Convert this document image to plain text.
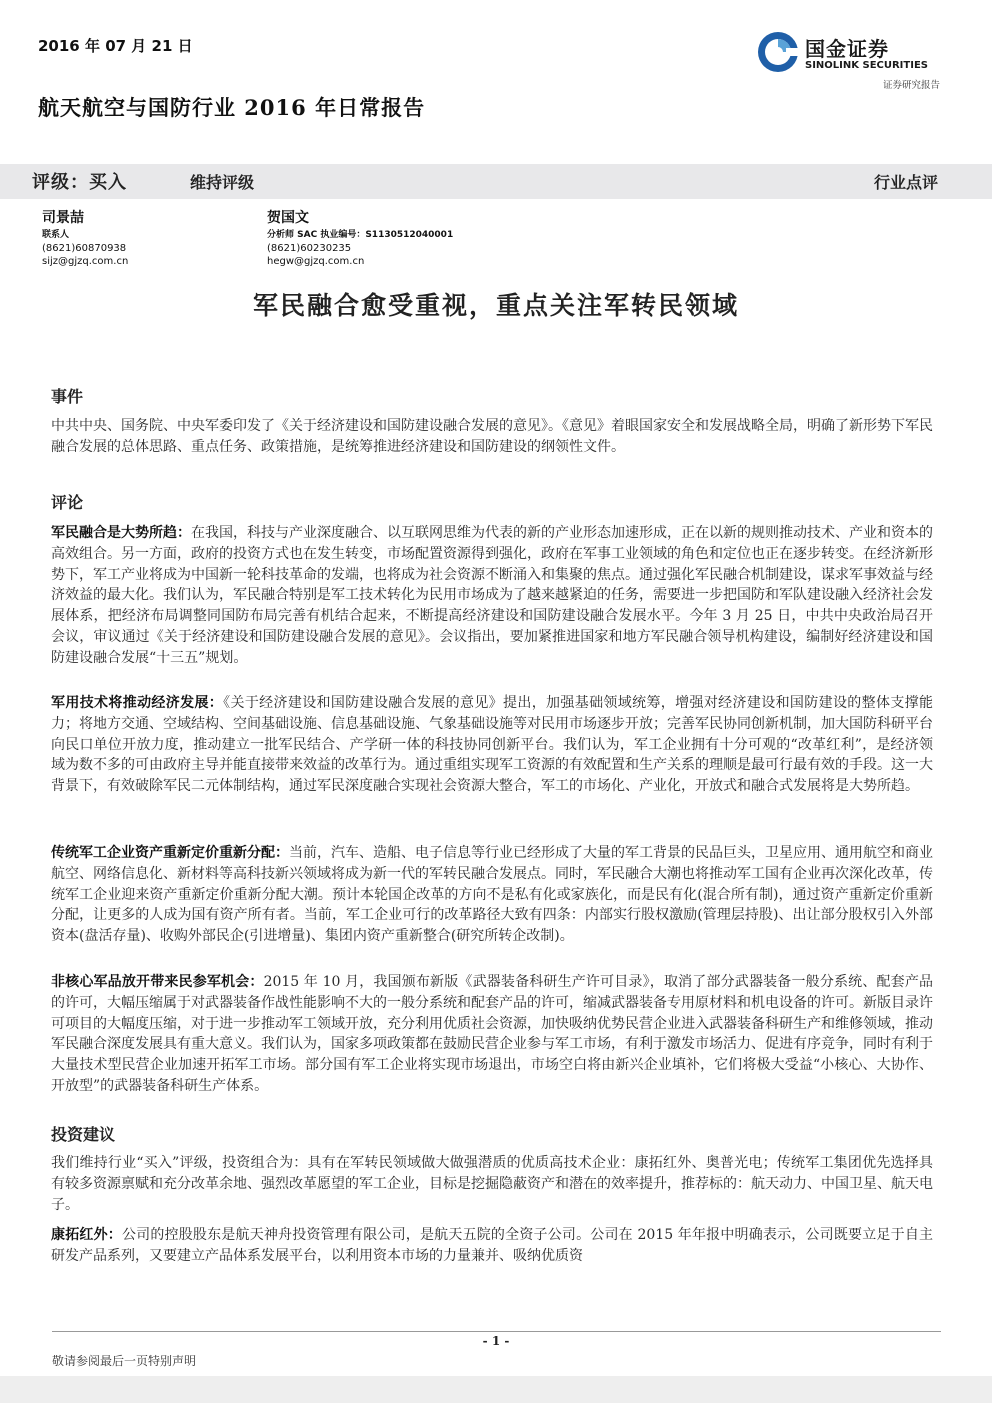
2016 年 07 月 21 日	国金证券
SINOLINK SECURITIES
证券研究报告
航天航空与国防行业 2016 年日常报告
评级：买入	维持评级	行业点评
司景喆
联系人
(8621)60870938
sijz@gjzq.com.cn
贺国文
分析师 SAC 执业编号：S1130512040001
(8621)60230235
hegw@gjzq.com.cn
军民融合愈受重视，重点关注军转民领域
事件
中共中央、国务院、中央军委印发了《关于经济建设和国防建设融合发展的意见》。《意见》着眼国家安全和发展战略全局，明确了新形势下军民融合发展的总体思路、重点任务、政策措施，是统筹推进经济建设和国防建设的纲领性文件。
评论
军民融合是大势所趋：在我国，科技与产业深度融合、以互联网思维为代表的新的产业形态加速形成，正在以新的规则推动技术、产业和资本的高效组合。另一方面，政府的投资方式也在发生转变，市场配置资源得到强化，政府在军事工业领域的角色和定位也正在逐步转变。在经济新形势下，军工产业将成为中国新一轮科技革命的发端，也将成为社会资源不断涌入和集聚的焦点。通过强化军民融合机制建设，谋求军事效益与经济效益的最大化。我们认为，军民融合特别是军工技术转化为民用市场成为了越来越紧迫的任务，需要进一步把国防和军队建设融入经济社会发展体系，把经济布局调整同国防布局完善有机结合起来，不断提高经济建设和国防建设融合发展水平。今年 3 月 25 日，中共中央政治局召开会议，审议通过《关于经济建设和国防建设融合发展的意见》。会议指出，要加紧推进国家和地方军民融合领导机构建设，编制好经济建设和国防建设融合发展“十三五”规划。
军用技术将推动经济发展：《关于经济建设和国防建设融合发展的意见》提出，加强基础领域统筹，增强对经济建设和国防建设的整体支撑能力；将地方交通、空域结构、空间基础设施、信息基础设施、气象基础设施等对民用市场逐步开放；完善军民协同创新机制，加大国防科研平台向民口单位开放力度，推动建立一批军民结合、产学研一体的科技协同创新平台。我们认为，军工企业拥有十分可观的“改革红利”，是经济领域为数不多的可由政府主导并能直接带来效益的改革行为。通过重组实现军工资源的有效配置和生产关系的理顺是最可行最有效的手段。这一大背景下，有效破除军民二元体制结构，通过军民深度融合实现社会资源大整合，军工的市场化、产业化，开放式和融合式发展将是大势所趋。
传统军工企业资产重新定价重新分配：当前，汽车、造船、电子信息等行业已经形成了大量的军工背景的民品巨头，卫星应用、通用航空和商业航空、网络信息化、新材料等高科技新兴领域将成为新一代的军转民融合发展点。同时，军民融合大潮也将推动军工国有企业再次深化改革，传统军工企业迎来资产重新定价重新分配大潮。预计本轮国企改革的方向不是私有化或家族化，而是民有化(混合所有制)，通过资产重新定价重新分配，让更多的人成为国有资产所有者。当前，军工企业可行的改革路径大致有四条：内部实行股权激励(管理层持股)、出让部分股权引入外部资本(盘活存量)、收购外部民企(引进增量)、集团内资产重新整合(研究所转企改制)。
非核心军品放开带来民参军机会：2015 年 10 月，我国颁布新版《武器装备科研生产许可目录》，取消了部分武器装备一般分系统、配套产品的许可，大幅压缩属于对武器装备作战性能影响不大的一般分系统和配套产品的许可，缩减武器装备专用原材料和机电设备的许可。新版目录许可项目的大幅度压缩，对于进一步推动军工领域开放，充分利用优质社会资源，加快吸纳优势民营企业进入武器装备科研生产和维修领域，推动军民融合深度发展具有重大意义。我们认为，国家多项政策都在鼓励民营企业参与军工市场，有利于激发市场活力、促进有序竞争，同时有利于大量技术型民营企业加速开拓军工市场。部分国有军工企业将实现市场退出，市场空白将由新兴企业填补，它们将极大受益“小核心、大协作、开放型”的武器装备科研生产体系。
投资建议
我们维持行业“买入”评级，投资组合为：具有在军转民领域做大做强潜质的优质高技术企业：康拓红外、奥普光电；传统军工集团优先选择具有较多资源禀赋和充分改革余地、强烈改革愿望的军工企业，目标是挖掘隐蔽资产和潜在的效率提升，推荐标的：航天动力、中国卫星、航天电子。
康拓红外：公司的控股股东是航天神舟投资管理有限公司，是航天五院的全资子公司。公司在 2015 年年报中明确表示，公司既要立足于自主研发产品系列，又要建立产品体系发展平台，以利用资本市场的力量兼并、吸纳优质资
- 1 -
敬请参阅最后一页特别声明
